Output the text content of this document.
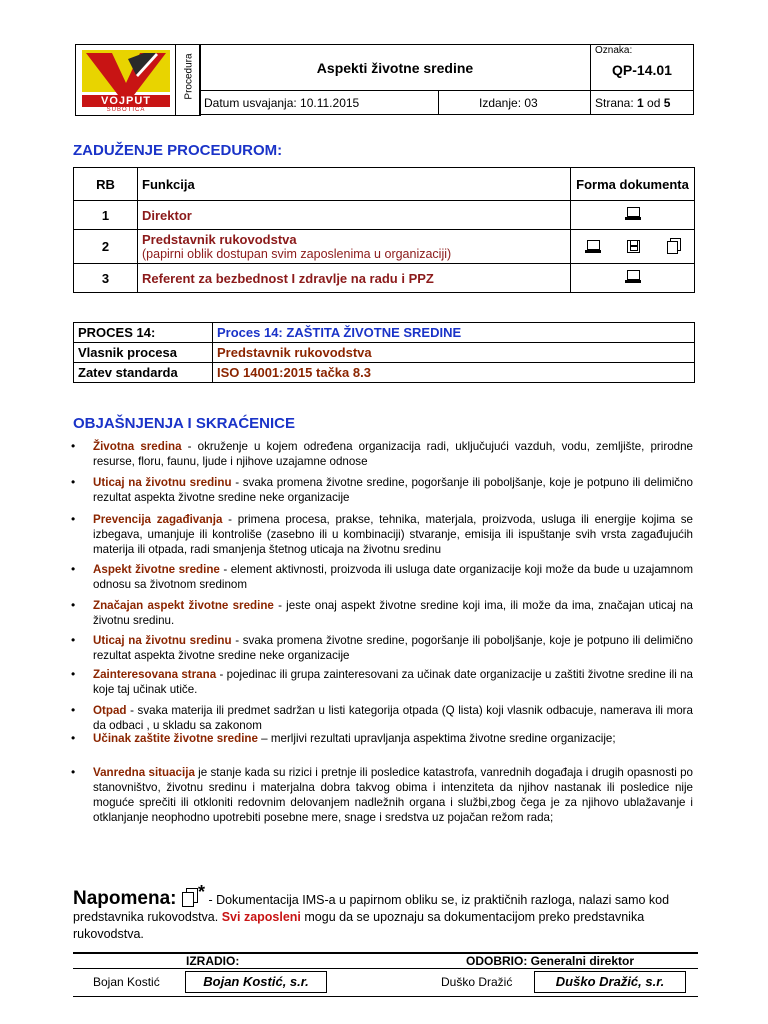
VOJPUT
SUBOTICA
Procedura	Aspekti životne sredine		Oznaka:
QP-14.01

Datum usvajanja: 10.11.2015	Izdanje: 03	Strana: 1 od 5
ZADUŽENJE PROCEDUROM:
RB	Funkcija	Forma dokumenta
1	Direktor	
2	Predstavnik rukovodstva
(papirni oblik dostupan svim zaposlenima u organizaciji)	

3	Referent za bezbednost I zdravlje na radu i PPZ	
PROCES 14:	Proces 14: ZAŠTITA ŽIVOTNE SREDINE
Vlasnik procesa	Predstavnik rukovodstva
Zatev standarda	ISO 14001:2015 tačka 8.3
OBJAŠNJENJA I SKRAĆENICE
• Životna sredina - okruženje u kojem određena organizacija radi, uključujući vazduh, vodu, zemljište, prirodne resurse, floru, faunu, ljude i njihove uzajamne odnose
• Uticaj na životnu sredinu - svaka promena životne sredine, pogoršanje ili poboljšanje, koje je potpuno ili delimično rezultat aspekta životne sredine neke organizacije
• Prevencija zagađivanja - primena procesa, prakse, tehnika, materjala, proizvoda, usluga ili energije kojima se izbegava, umanjuje ili kontroliše (zasebno ili u kombinaciji) stvaranje, emisija ili ispuštanje svih vrsta zagađujućih materija ili otpada, radi smanjenja štetnog uticaja na životnu sredinu
• Aspekt životne sredine - element aktivnosti, proizvoda ili usluga date organizacije koji može da bude u uzajamnom odnosu sa životnom sredinom
• Značajan aspekt životne sredine - jeste onaj aspekt životne sredine koji ima, ili može da ima, značajan uticaj na životnu sredinu.
• Uticaj na životnu sredinu - svaka promena životne sredine, pogoršanje ili poboljšanje, koje je potpuno ili delimično rezultat aspekta životne sredine neke organizacije
• Zainteresovana strana - pojedinac ili grupa zainteresovani za učinak date organizacije u zaštiti životne sredine ili na koje taj učinak utiče.
• Otpad - svaka materija ili predmet sadržan u listi kategorija otpada (Q lista) koji vlasnik odbacuje, namerava ili mora da odbaci , u skladu sa zakonom
• Učinak zaštite životne sredine – merljivi rezultati upravljanja aspektima životne sredine organizacije;
• Vanredna situacija je stanje kada su rizici i pretnje ili posledice katastrofa, vanrednih događaja i drugih opasnosti po stanovništvo, životnu sredinu i materjalna dobra takvog obima i intenziteta da njihov nastanak ili posledice nije moguće sprečiti ili otkloniti redovnim delovanjem nadležnih organa i službi,zbog čega je za njihovo ublažavanje i otklanjanje neophodno upotrebiti posebne mere, snage i sredstva uz pojačan režom rada;
Napomena: * - Dokumentacija IMS-a u papirnom obliku se, iz praktičnih razloga, nalazi samo kod predstavnika rukovodstva. Svi zaposleni mogu da se upoznaju sa dokumentacijom preko predstavnika rukovodstva.
IZRADIO:	ODOBRIO: Generalni direktor
Bojan Kostić	Bojan Kostić, s.r.	Duško Dražić	Duško Dražić, s.r.
